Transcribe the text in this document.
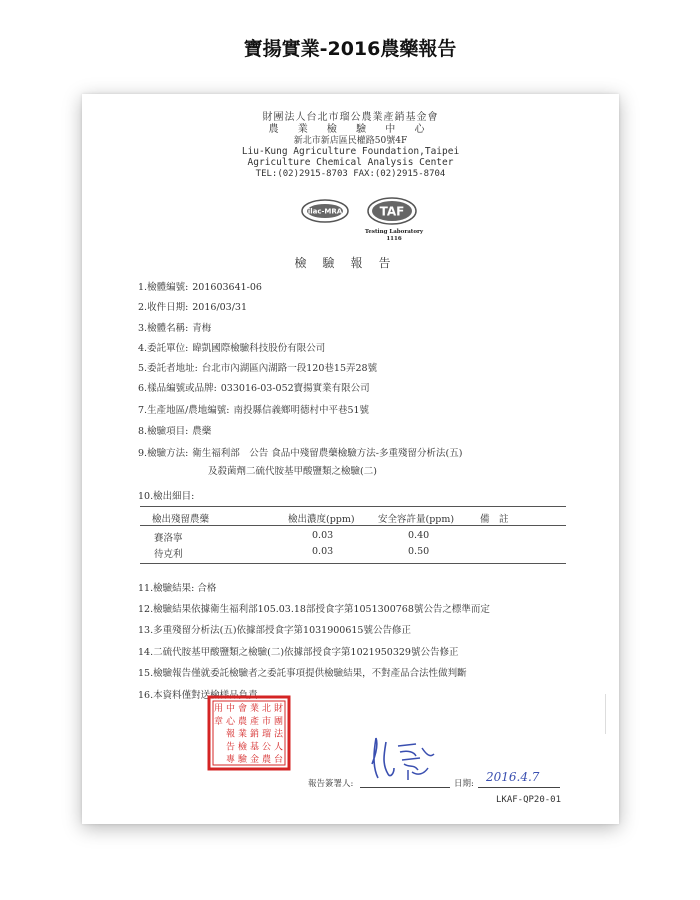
寶揚實業-2016農藥報告
財團法人台北市瑠公農業產銷基金會
農 業 檢 驗 中 心
新北市新店區民權路50號4F
Liu-Kung Agriculture Foundation,Taipei
Agriculture Chemical Analysis Center
TEL:(02)2915-8703 FAX:(02)2915-8704
ilac-MRA	TAF
Testing Laboratory
1116
檢驗報告
1.檢體編號: 201603641-06
2.收件日期: 2016/03/31
3.檢體名稱: 青梅
4.委託單位: 暐凱國際檢驗科技股份有限公司
5.委託者地址: 台北市內湖區內湖路一段120巷15弄28號
6.樣品編號或品牌: 033016-03-052寶揚實業有限公司
7.生產地區/農地編號: 南投縣信義鄉明德村中平巷51號
8.檢驗項目: 農藥
9.檢驗方法: 衛生福利部　公告 食品中殘留農藥檢驗方法-多重殘留分析法(五)
及殺菌劑二硫代胺基甲酸鹽類之檢驗(二)
10.檢出細目:
檢出殘留農藥	檢出濃度(ppm) 安全容許量(ppm)	備　註
賽洛寧	0.03	0.40
待克利	0.03	0.50
11.檢驗結果: 合格
12.檢驗結果依據衛生福利部105.03.18部授食字第1051300768號公告之標準而定
13.多重殘留分析法(五)依據部授食字第1031900615號公告修正
14.二硫代胺基甲酸鹽類之檢驗(二)依據部授食字第1021950329號公告修正
15.檢驗報告僅就委託檢驗者之委託事項提供檢驗結果，不對產品合法性做判斷
16.本資料僅對送檢樣品負責
財
團
法
人
台
北
市
瑠
公
農
業
產
銷
基
金
會
農
業
檢
驗
中
心
報
告
專
用
章
報告簽署人:	日期: 2016.4.7
LKAF-QP20-01
